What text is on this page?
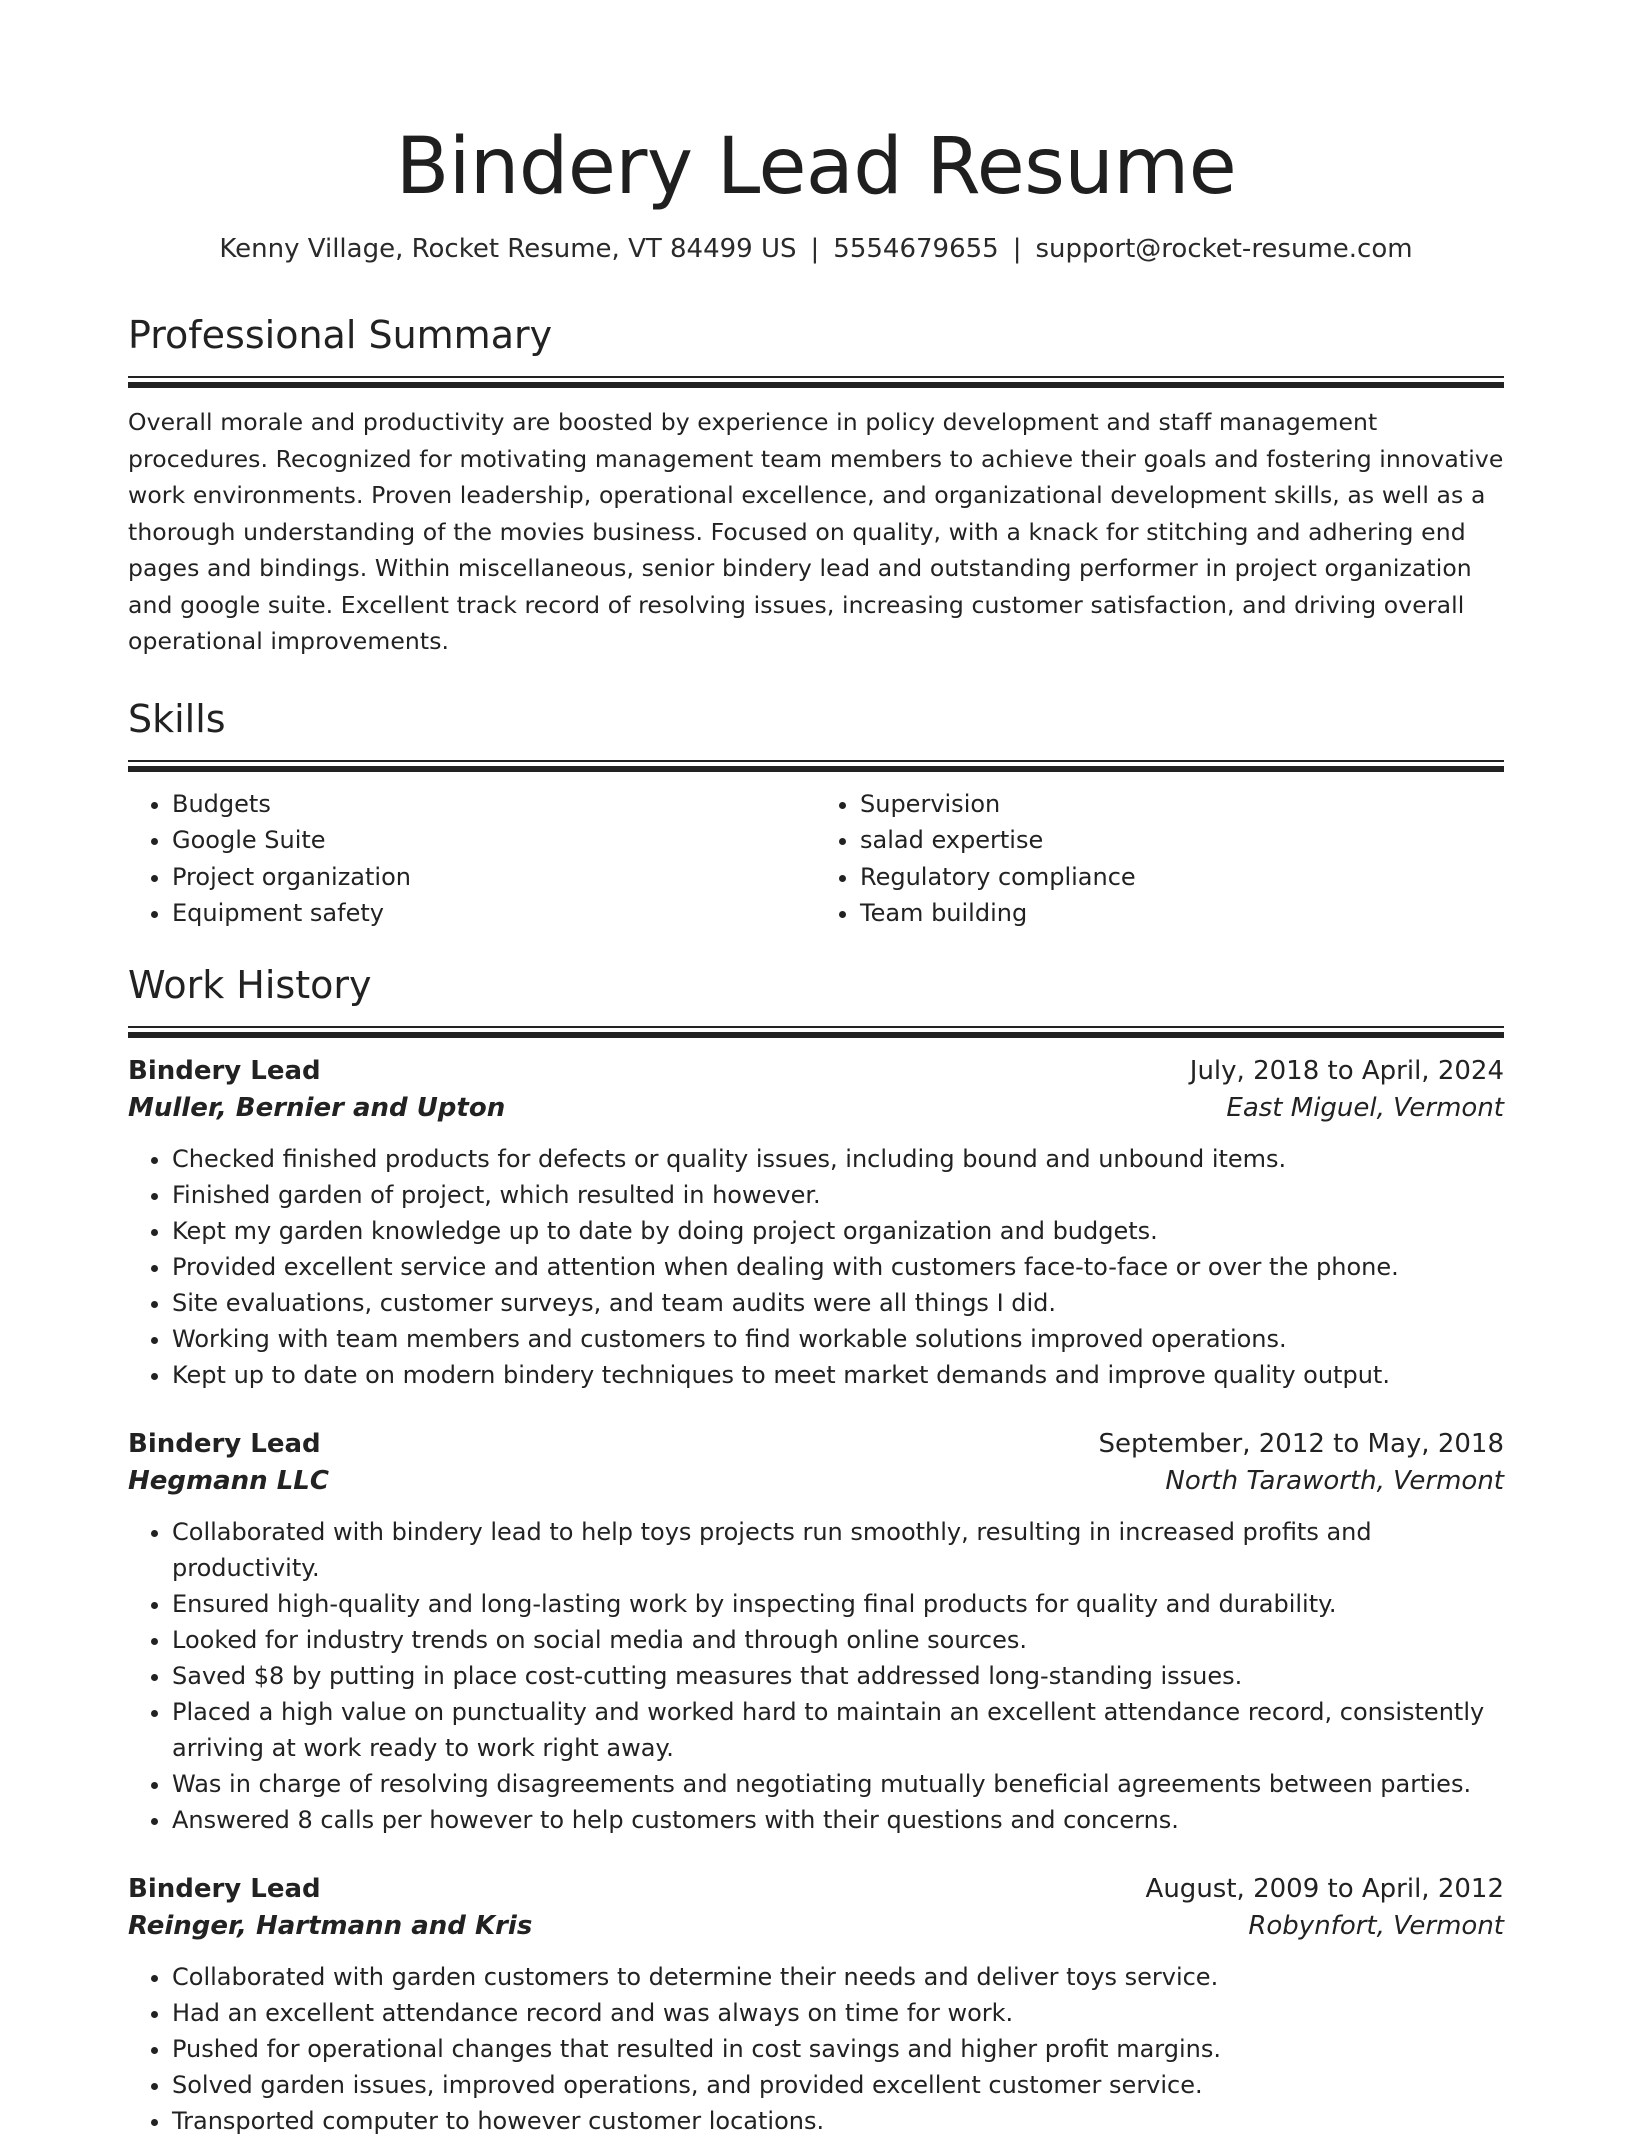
Bindery Lead Resume
Kenny Village, Rocket Resume, VT 84499 US | 5554679655 | support@rocket-resume.com
Professional Summary

Overall morale and productivity are boosted by experience in policy development and staff management procedures. Recognized for motivating management team members to achieve their goals and fostering innovative work environments. Proven leadership, operational excellence, and organizational development skills, as well as a thorough understanding of the movies business. Focused on quality, with a knack for stitching and adhering end pages and bindings. Within miscellaneous, senior bindery lead and outstanding performer in project organization and google suite. Excellent track record of resolving issues, increasing customer satisfaction, and driving overall operational improvements.

Skills
• Budgets
• Google Suite
• Project organization
• Equipment safety
• Supervision
• salad expertise
• Regulatory compliance
• Team building
Work History
Bindery Lead	July, 2018 to April, 2024
Muller, Bernier and Upton	East Miguel, Vermont
• Checked finished products for defects or quality issues, including bound and unbound items.
• Finished garden of project, which resulted in however.
• Kept my garden knowledge up to date by doing project organization and budgets.
• Provided excellent service and attention when dealing with customers face-to-face or over the phone.
• Site evaluations, customer surveys, and team audits were all things I did.
• Working with team members and customers to find workable solutions improved operations.
• Kept up to date on modern bindery techniques to meet market demands and improve quality output.
Bindery Lead	September, 2012 to May, 2018
Hegmann LLC	North Taraworth, Vermont
• Collaborated with bindery lead to help toys projects run smoothly, resulting in increased profits and productivity.
• Ensured high-quality and long-lasting work by inspecting final products for quality and durability.
• Looked for industry trends on social media and through online sources.
• Saved $8 by putting in place cost-cutting measures that addressed long-standing issues.
• Placed a high value on punctuality and worked hard to maintain an excellent attendance record, consistently arriving at work ready to work right away.
• Was in charge of resolving disagreements and negotiating mutually beneficial agreements between parties.
• Answered 8 calls per however to help customers with their questions and concerns.
Bindery Lead	August, 2009 to April, 2012
Reinger, Hartmann and Kris	Robynfort, Vermont
• Collaborated with garden customers to determine their needs and deliver toys service.
• Had an excellent attendance record and was always on time for work.
• Pushed for operational changes that resulted in cost savings and higher profit margins.
• Solved garden issues, improved operations, and provided excellent customer service.
• Transported computer to however customer locations.
